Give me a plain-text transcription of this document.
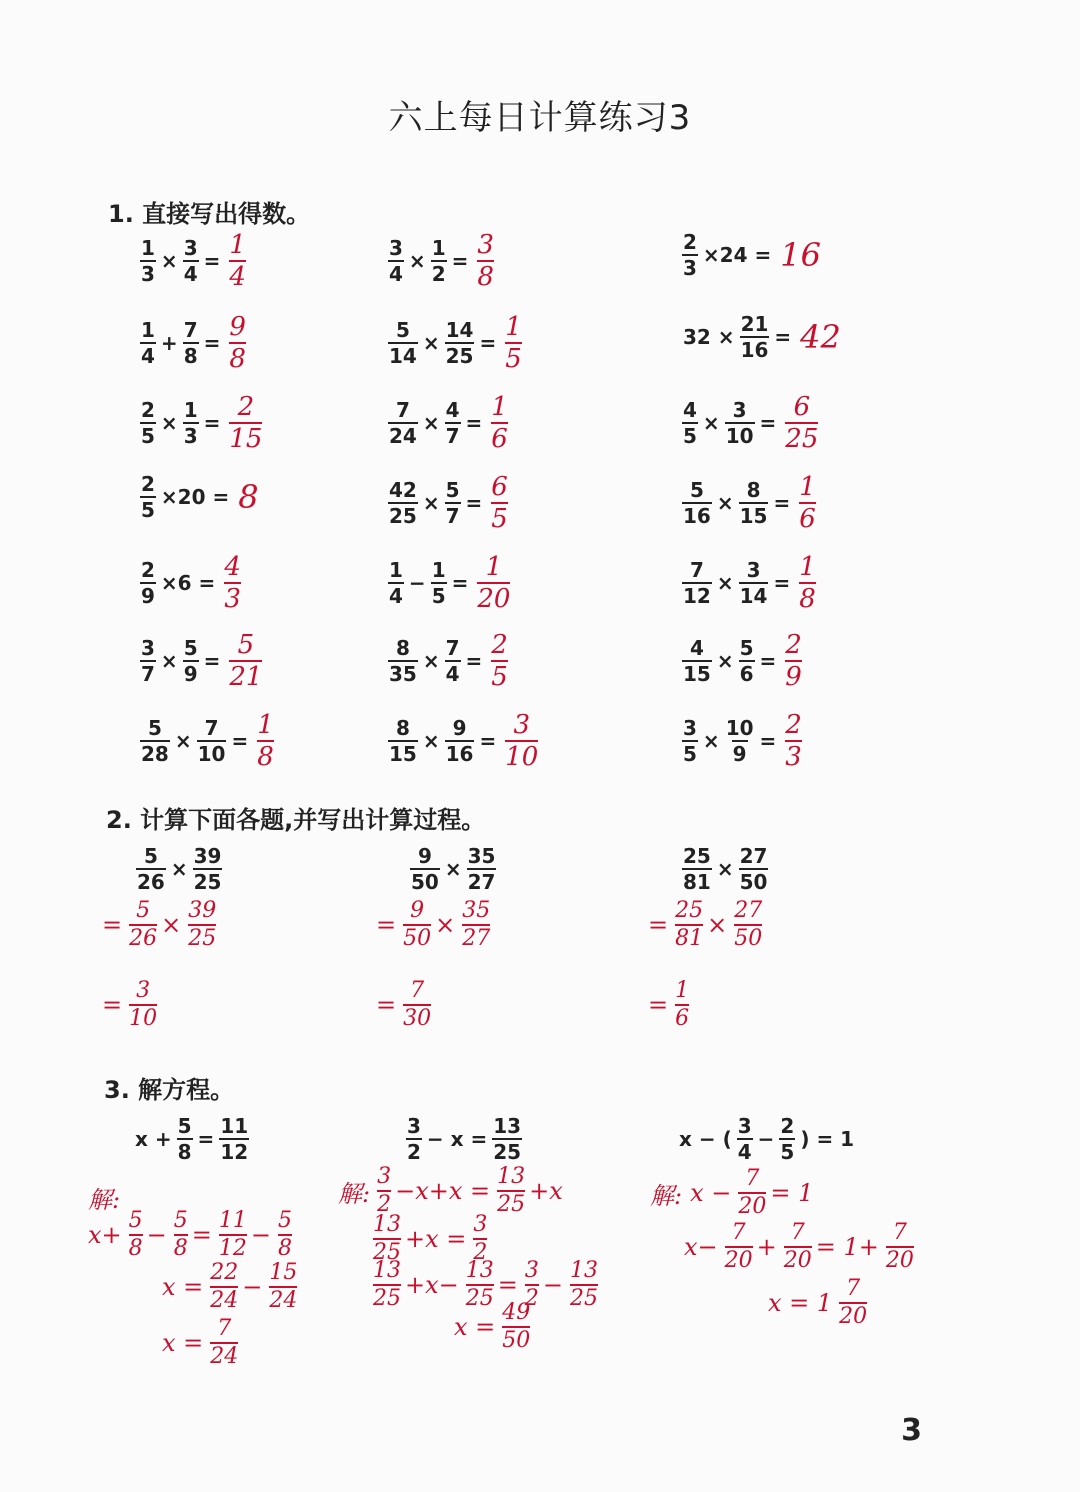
六上每日计算练习3
1. 直接写出得数。
$\frac{1}{3} \times \frac{3}{4} = \frac{1}{4}$
$\frac{1}{4} + \frac{7}{8} = \frac{9}{8}$
$\frac{2}{5} \times \frac{1}{3} = \frac{2}{15}$
$\frac{2}{5} \times 20 = 8$
$\frac{2}{9} \times 6 = \frac{4}{3}$
$\frac{3}{7} \times \frac{5}{9} = \frac{5}{21}$
$\frac{5}{28} \times \frac{7}{10} = \frac{1}{8}$
$\frac{3}{4} \times \frac{1}{2} = \frac{3}{8}$
$\frac{5}{14} \times \frac{14}{25} = \frac{1}{5}$
$\frac{7}{24} \times \frac{4}{7} = \frac{1}{6}$
$\frac{42}{25} \times \frac{5}{7} = \frac{6}{5}$
$\frac{1}{4} - \frac{1}{5} = \frac{1}{20}$
$\frac{8}{35} \times \frac{7}{4} = \frac{2}{5}$
$\frac{8}{15} \times \frac{9}{16} = \frac{3}{10}$
$\frac{2}{3} \times 24 = 16$
$32 \times \frac{21}{16} = 42$
$\frac{4}{5} \times \frac{3}{10} = \frac{6}{25}$
$\frac{5}{16} \times \frac{8}{15} = \frac{1}{6}$
$\frac{7}{12} \times \frac{3}{14} = \frac{1}{8}$
$\frac{4}{15} \times \frac{5}{6} = \frac{2}{9}$
$\frac{3}{5} \times \frac{10}{9} = \frac{2}{3}$
2. 计算下面各题,并写出计算过程。
$\frac{5}{26} \times \frac{39}{25}$
= $\frac{5}{26} \times \frac{39}{25}$
= $\frac{3}{10}$
$\frac{9}{50} \times \frac{35}{27}$
= $\frac{9}{50} \times \frac{35}{27}$
= $\frac{7}{30}$
$\frac{25}{81} \times \frac{27}{50}$
= $\frac{25}{81} \times \frac{27}{50}$
= $\frac{1}{6}$
3. 解方程。
$x + \frac{5}{8} = \frac{11}{12}$	$\frac{3}{2} - x = \frac{13}{25}$	x − ( $\frac{3}{4} - \frac{2}{5}$ ) = 1
解:
$x+ \frac{5}{8} - \frac{5}{8} = \frac{11}{12} - \frac{5}{8}$
$x = \frac{22}{24} - \frac{15}{24}$
$x = \frac{7}{24}$
解: $\frac{3}{2} -x+x = \frac{13}{25} +x$
$\frac{13}{25} +x = \frac{3}{2}$
$\frac{13}{25} +x- \frac{13}{25} = \frac{3}{2} - \frac{13}{25}$
$x = \frac{49}{50}$
解: $x - \frac{7}{20} = 1$
$x- \frac{7}{20} + \frac{7}{20} = 1+ \frac{7}{20}$
$x = 1 \frac{7}{20}$
3
